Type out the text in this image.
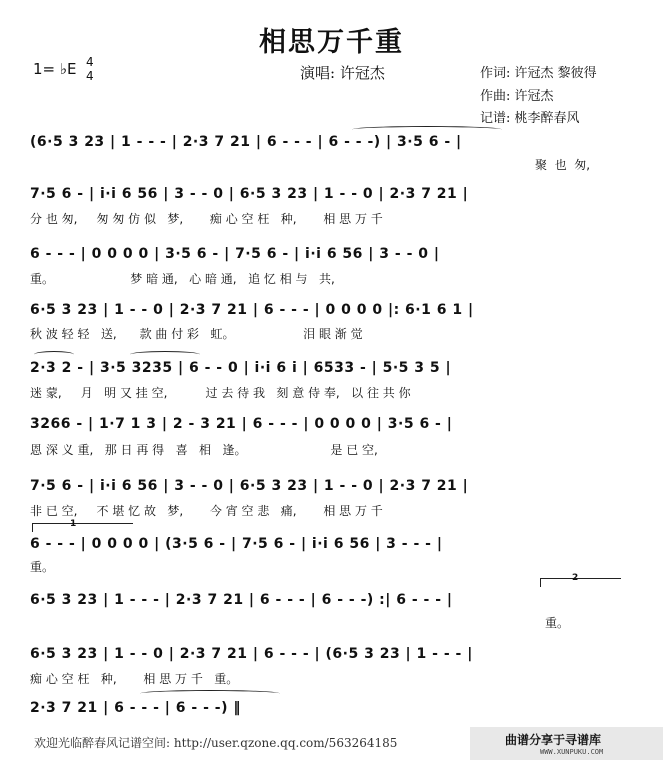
相思万千重
1= ♭E 4
4	演唱: 许冠杰	作词: 许冠杰 黎彼得
作曲: 许冠杰
记谱: 桃李醉春风
(6·5 3 23 | 1 - - - | 2·3 7 21 | 6 - - - | 6 - - -) | 3·5 6 - |
聚  也  匆,
7·5 6 - | i·i 6 56 | 3 - - 0 | 6·5 3 23 | 1 - - 0 | 2·3 7 21 |
分 也 匆,     匆 匆 仿 似   梦,       痴 心 空 枉   种,       相 思 万 千
6 - - - | 0 0 0 0 | 3·5 6 - | 7·5 6 - | i·i 6 56 | 3 - - 0 |
重。                    梦 暗 通,   心 暗 通,   追 忆 相 与   共,
6·5 3 23 | 1 - - 0 | 2·3 7 21 | 6 - - - | 0 0 0 0 |: 6·1 6 1 |
秋 波 轻 轻   送,      款 曲 付 彩   虹。                  泪 眼 渐 觉
2·3 2 - | 3·5 3235 | 6 - - 0 | i·i 6 i | 6533 - | 5·5 3 5 |
迷 蒙,     月   明 又 挂 空,          过 去 待 我   刻 意 侍 奉,   以 往 共 你
3266 - | 1·7 1 3 | 2 - 3 21 | 6 - - - | 0 0 0 0 | 3·5 6 - |
恩 深 义 重,   那 日 再 得   喜   相   逢。                      是 已 空,
7·5 6 - | i·i 6 56 | 3 - - 0 | 6·5 3 23 | 1 - - 0 | 2·3 7 21 |
非 已 空,     不 堪 忆 故   梦,       今 宵 空 悲   痛,       相 思 万 千
1
6 - - - | 0 0 0 0 | (3·5 6 - | 7·5 6 - | i·i 6 56 | 3 - - - |
重。
2
6·5 3 23 | 1 - - - | 2·3 7 21 | 6 - - - | 6 - - -) :| 6 - - - |
重。
6·5 3 23 | 1 - - 0 | 2·3 7 21 | 6 - - - | (6·5 3 23 | 1 - - - |
痴 心 空 枉   种,       相 思 万 千   重。
2·3 7 21 | 6 - - - | 6 - - -) ‖
欢迎光临醉春风记谱空间: http://user.qzone.qq.com/563264185	曲谱分享于寻谱库
WWW.XUNPUKU.COM
